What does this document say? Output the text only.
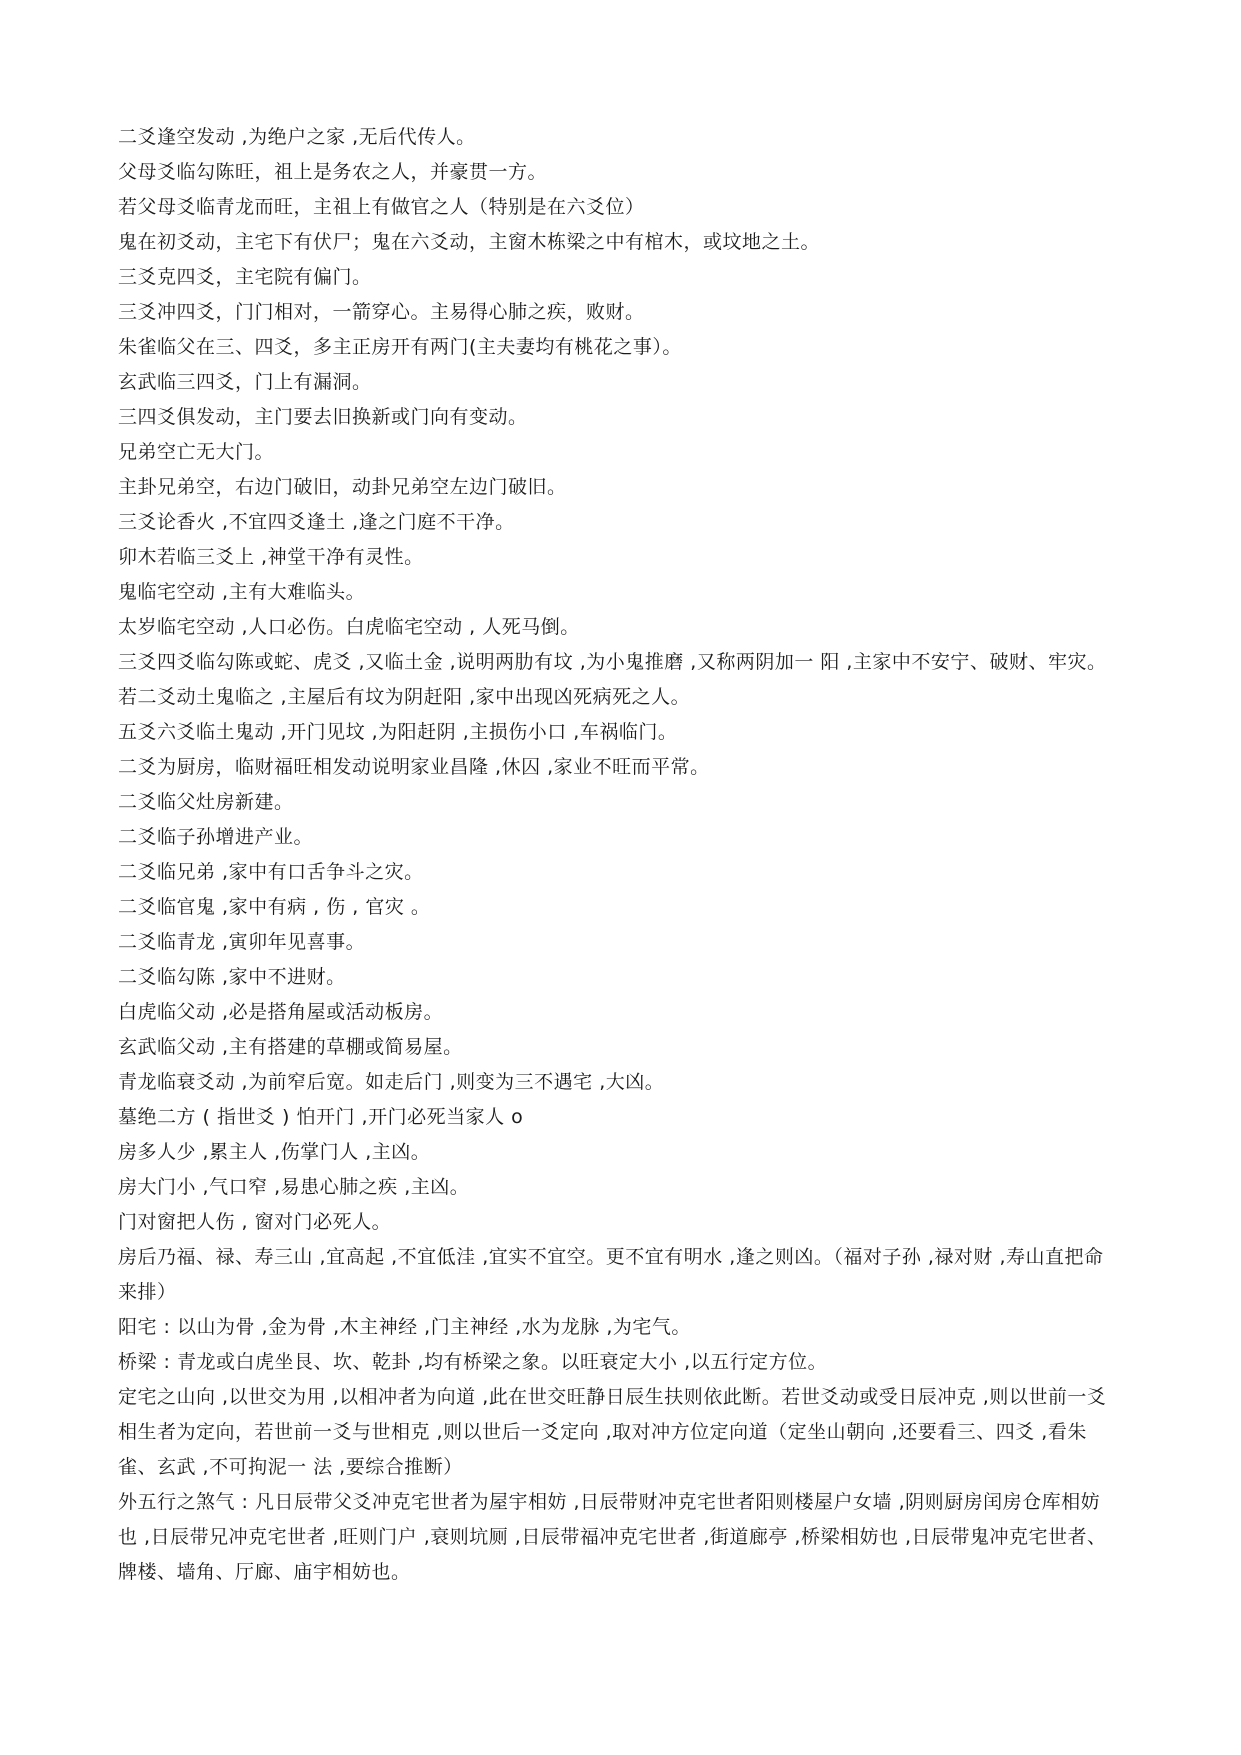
二爻逢空发动 ,为绝户之家 ,无后代传人。

父母爻临勾陈旺，祖上是务农之人，并豪贯一方。

若父母爻临青龙而旺，主祖上有做官之人（特别是在六爻位）

鬼在初爻动，主宅下有伏尸；鬼在六爻动，主窗木栋梁之中有棺木，或坟地之土。

三爻克四爻，主宅院有偏门。

三爻冲四爻，门门相对，一箭穿心。主易得心肺之疾，败财。

朱雀临父在三、四爻，多主正房开有两门(主夫妻均有桃花之事）。

玄武临三四爻，门上有漏洞。

三四爻俱发动，主门要去旧换新或门向有变动。

兄弟空亡无大门。

主卦兄弟空，右边门破旧，动卦兄弟空左边门破旧。

三爻论香火 ,不宜四爻逢土 ,逢之门庭不干净。

卯木若临三爻上 ,神堂干净有灵性。

鬼临宅空动 ,主有大难临头。

太岁临宅空动 ,人口必伤。白虎临宅空动 , 人死马倒。

三爻四爻临勾陈或蛇、虎爻 ,又临土金 ,说明两肋有坟 ,为小鬼推磨 ,又称两阴加一 阳 ,主家中不安宁、破财、牢灾。

若二爻动土鬼临之 ,主屋后有坟为阴赶阳 ,家中出现凶死病死之人。

五爻六爻临土鬼动 ,开门见坟 ,为阳赶阴 ,主损伤小口 ,车祸临门。

二爻为厨房，临财福旺相发动说明家业昌隆 ,休囚 ,家业不旺而平常。

二爻临父灶房新建。

二爻临子孙增进产业。

二爻临兄弟 ,家中有口舌争斗之灾。

二爻临官鬼 ,家中有病 , 伤 , 官灾 。

二爻临青龙 ,寅卯年见喜事。

二爻临勾陈 ,家中不进财。

白虎临父动 ,必是搭角屋或活动板房。

玄武临父动 ,主有搭建的草棚或简易屋。

青龙临衰爻动 ,为前窄后宽。如走后门 ,则变为三不遇宅 ,大凶。

墓绝二方 ( 指世爻 ) 怕开门 ,开门必死当家人 o

房多人少 ,累主人 ,伤掌门人 ,主凶。

房大门小 ,气口窄 ,易患心肺之疾 ,主凶。

门对窗把人伤 , 窗对门必死人。

房后乃福、禄、寿三山 ,宜高起 ,不宜低洼 ,宜实不宜空。更不宜有明水 ,逢之则凶。（福对子孙 ,禄对财 ,寿山直把命来排）

阳宅 : 以山为骨 ,金为骨 ,木主神经 ,门主神经 ,水为龙脉 ,为宅气。

桥梁 : 青龙或白虎坐艮、坎、乾卦 ,均有桥梁之象。以旺衰定大小 ,以五行定方位。

定宅之山向 ,以世交为用 ,以相冲者为向道 ,此在世交旺静日辰生扶则依此断。若世爻动或受日辰冲克 ,则以世前一爻相生者为定向，若世前一爻与世相克 ,则以世后一爻定向 ,取对冲方位定向道（定坐山朝向 ,还要看三、四爻 ,看朱雀、玄武 ,不可拘泥一 法 ,要综合推断）

外五行之煞气 : 凡日辰带父爻冲克宅世者为屋宇相妨 ,日辰带财冲克宅世者阳则楼屋户女墙 ,阴则厨房闰房仓库相妨也 ,日辰带兄冲克宅世者 ,旺则门户 ,衰则坑厕 ,日辰带福冲克宅世者 ,街道廊亭 ,桥梁相妨也 ,日辰带鬼冲克宅世者、牌楼、墙角、厅廊、庙宇相妨也。
